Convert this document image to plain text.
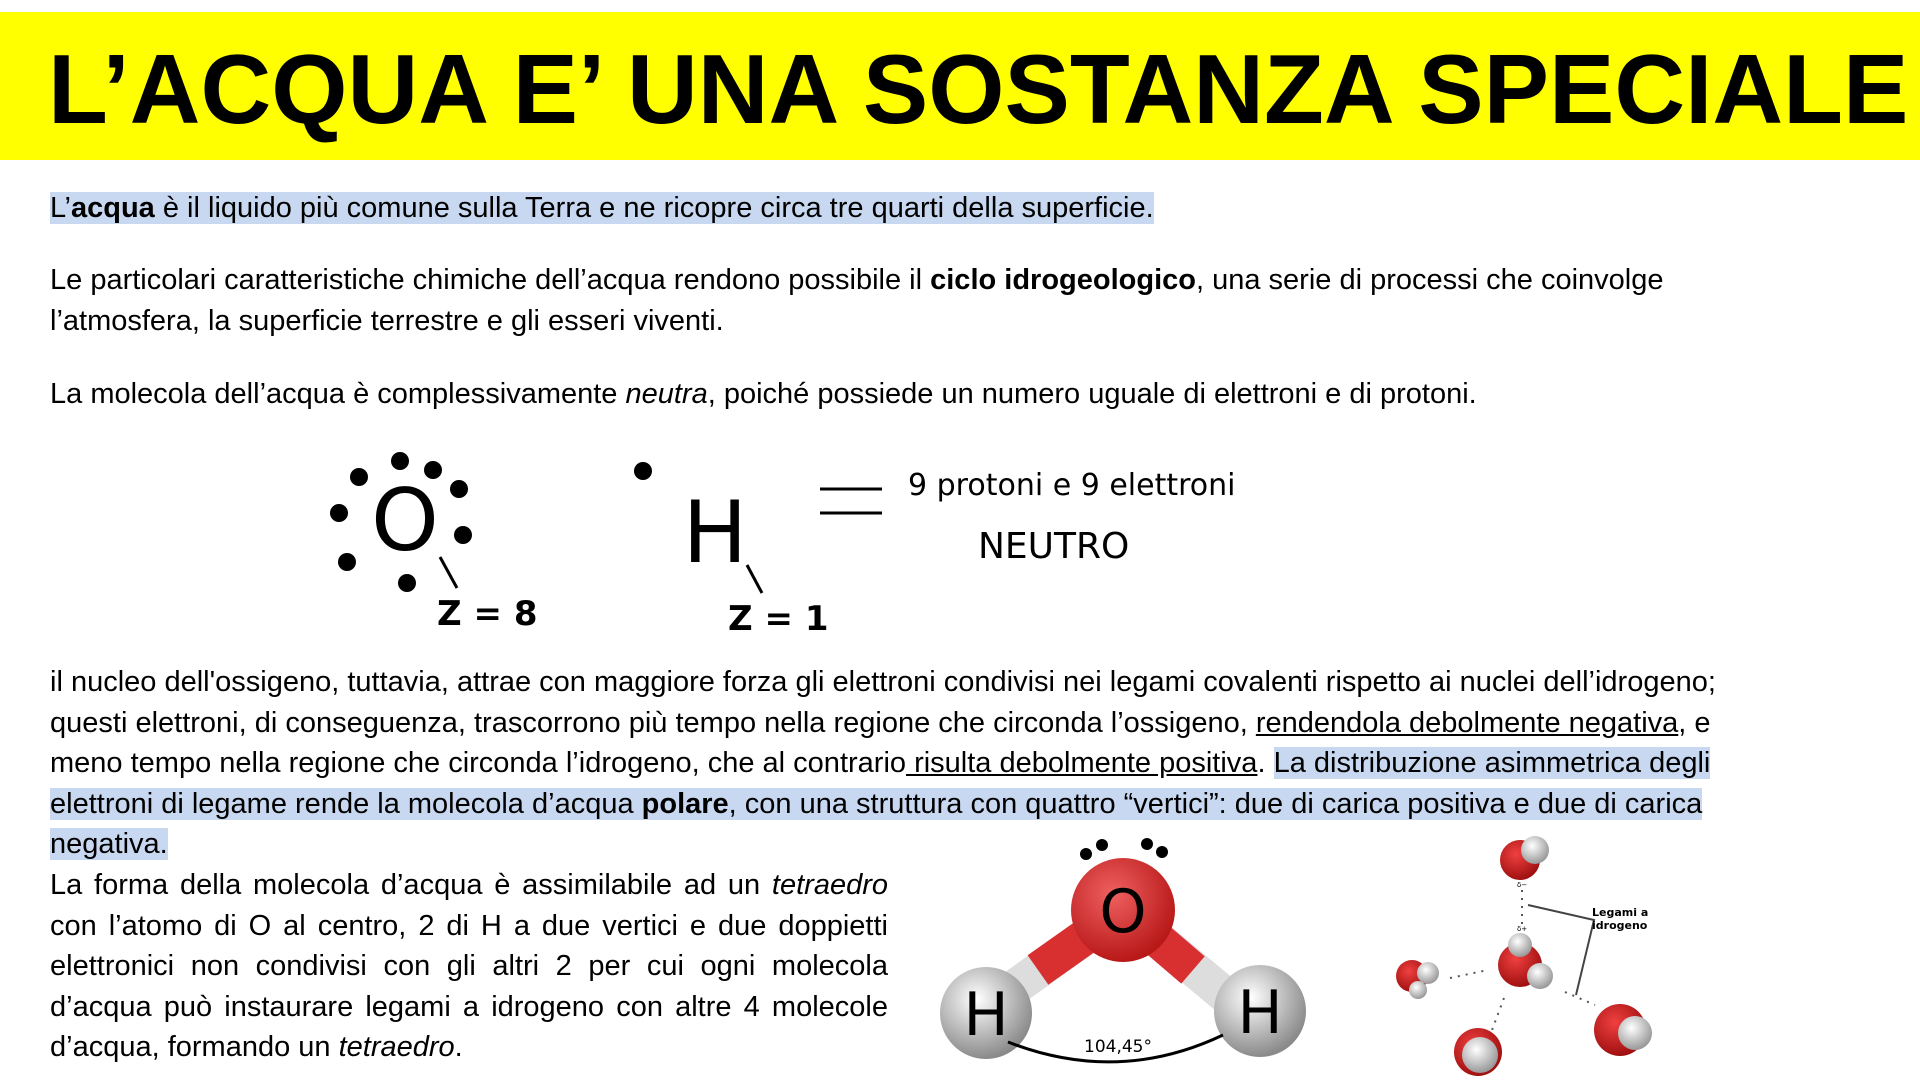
L’ACQUA E’ UNA SOSTANZA SPECIALE
L’acqua è il liquido più comune sulla Terra e ne ricopre circa tre quarti della superficie.
Le particolari caratteristiche chimiche dell’acqua rendono possibile il ciclo idrogeologico, una serie di processi che coinvolge
l’atmosfera, la superficie terrestre e gli esseri viventi.
La molecola dell’acqua è complessivamente neutra, poiché possiede un numero uguale di elettroni e di protoni.
O
Z = 8
H
Z = 1
9 protoni e 9 elettroni
NEUTRO
il nucleo dell'ossigeno, tuttavia, attrae con maggiore forza gli elettroni condivisi nei legami covalenti rispetto ai nuclei dell’idrogeno;
questi elettroni, di conseguenza, trascorrono più tempo nella regione che circonda l’ossigeno, rendendola debolmente negativa, e
meno tempo nella regione che circonda l’idrogeno, che al contrario risulta debolmente positiva. La distribuzione asimmetrica degli
elettroni di legame rende la molecola d’acqua polare, con una struttura con quattro “vertici”: due di carica positiva e due di carica
negativa.
La forma della molecola d’acqua è assimilabile ad un tetraedro con l’atomo di O al centro, 2 di H a due vertici e due doppietti elettronici non condivisi con gli altri 2 per cui ogni molecola d’acqua può instaurare legami a idrogeno con altre 4 molecole d’acqua, formando un tetraedro.
O
H	H
104,45°
Legami a
idrogeno
δ−
δ+
